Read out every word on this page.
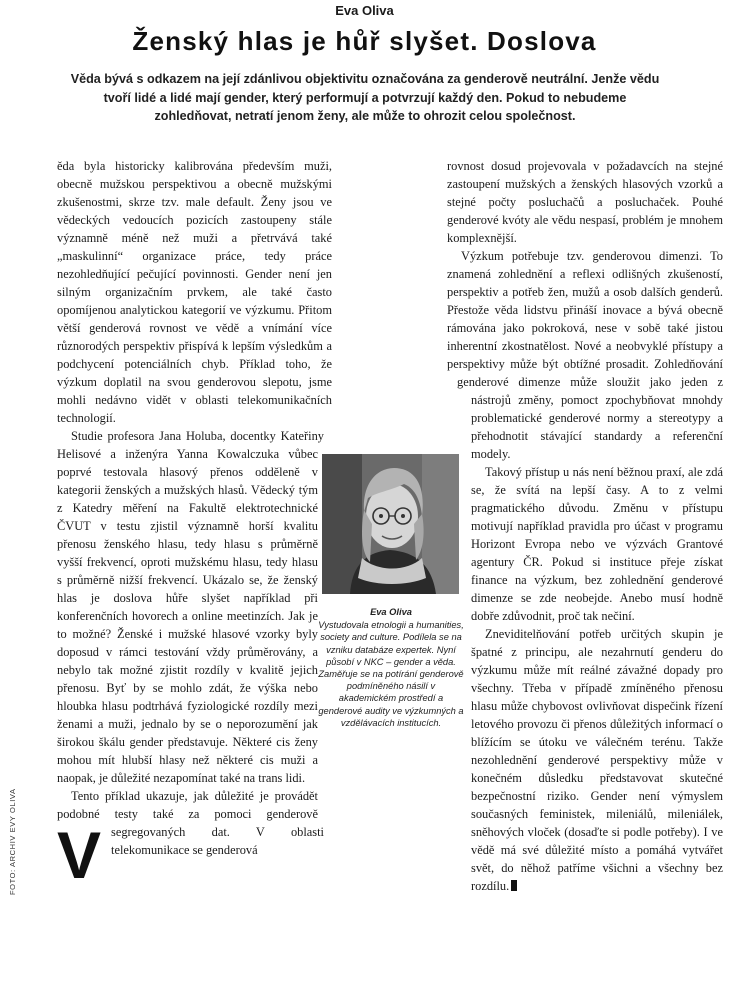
Eva Oliva
Ženský hlas je hůř slyšet. Doslova
Věda bývá s odkazem na její zdánlivou objektivitu označována za genderově neutrální. Jenže vědu tvoří lidé a lidé mají gender, který performují a potvrzují každý den. Pokud to nebudeme zohledňovat, netratí jenom ženy, ale může to ohrozit celou společnost.
V

ěda byla historicky kalibrována především muži, obecně mužskou perspektivou a obecně mužskými zkušenostmi, skrze tzv. male default. Ženy jsou ve vědeckých vedoucích pozicích zastoupeny stále významně méně než muži a přetrvává také „maskulinní“ organizace práce, tedy práce nezohledňující pečující povinnosti. Gender není jen silným organizačním prvkem, ale také často opomíjenou analytickou kategorií ve výzkumu. Přitom větší genderová rovnost ve vědě a vnímání více různorodých perspektiv přispívá k lepším výsledkům a podchycení potenciálních chyb. Příklad toho, že výzkum doplatil na svou genderovou slepotu, jsme mohli nedávno vidět v oblasti telekomunikačních technologií.

Studie profesora Jana Holuba, docentky Kateřiny Helisové a inženýra Yanna Kowalczuka vůbec poprvé testovala hlasový přenos odděleně v kategorii ženských a mužských hlasů. Vědecký tým z Katedry měření na Fakultě elektrotechnické ČVUT v testu zjistil významně horší kvalitu přenosu ženského hlasu, tedy hlasu s průměrně vyšší frekvencí, oproti mužskému hlasu, tedy hlasu s průměrně nižší frekvencí. Ukázalo se, že ženský hlas je doslova hůře slyšet například při konferenčních hovorech a online meetinzích. Jak je to možné? Ženské i mužské hlasové vzorky byly doposud v rámci testování vždy průměrovány, a nebylo tak možné zjistit rozdíly v kvalitě jejich přenosu. Byť by se mohlo zdát, že výška nebo hloubka hlasu podtrhává fyziologické rozdíly mezi ženami a muži, jednalo by se o neporozumění jak širokou škálu gender představuje. Některé cis ženy mohou mít hlubší hlasy než některé cis muži a naopak, je důležité nezapomínat také na trans lidi.

Tento příklad ukazuje, jak důležité je provádět podobné testy také za pomoci genderově segregovaných dat. V oblasti telekomunikace se genderová

rovnost dosud projevovala v požadavcích na stejné zastoupení mužských a ženských hlasových vzorků a stejné počty posluchačů a posluchaček. Pouhé genderové kvóty ale vědu nespasí, problém je mnohem komplexnější.

Výzkum potřebuje tzv. genderovou dimenzi. To znamená zohlednění a reflexi odlišných zkušeností, perspektiv a potřeb žen, mužů a osob dalších genderů. Přestože věda lidstvu přináší inovace a bývá obecně rámována jako pokroková, nese v sobě také jistou inherentní zkostnatělost. Nové a neobvyklé přístupy a perspektivy může být obtížné prosadit. Zohledňování genderové dimenze může sloužit jako jeden z nástrojů změny, pomoct zpochybňovat mnohdy problematické genderové normy a stereotypy a přehodnotit stávající standardy a referenční modely.

Takový přístup u nás není běžnou praxí, ale zdá se, že svítá na lepší časy. A to z velmi pragmatického důvodu. Změnu v přístupu motivují například pravidla pro účast v programu Horizont Evropa nebo ve výzvách Grantové agentury ČR. Pokud si instituce přeje získat finance na výzkum, bez zohlednění genderové dimenze se zde neobejde. Anebo musí hodně dobře zdůvodnit, proč tak nečiní.

Zneviditelňování potřeb určitých skupin je špatné z principu, ale nezahrnutí genderu do výzkumu může mít reálné závažné dopady pro všechny. Třeba v případě zmíněného přenosu hlasu může chybovost ovlivňovat dispečink řízení letového provozu či přenos důležitých informací o blížícím se útoku ve válečném terénu. Takže nezohlednění genderové perspektivy může v konečném důsledku představovat skutečné bezpečnostní riziko. Gender není výmyslem současných feministek, mileniálů, mileniálek, sněhových vloček (dosaďte si podle potřeby). I ve vědě má své důležité místo a pomáhá vytvářet svět, do něhož patříme všichni a všechny bez rozdílu.

Eva Oliva
Vystudovala etnologii a humanities, society and culture. Podílela se na vzniku databáze expertek. Nyní působí v NKC – gender a věda. Zaměřuje se na potírání genderově podmíněného násilí v akademickém prostředí a genderové audity ve výzkumných a vzdělávacích institucích.
FOTO: ARCHIV EVY OLIVA
